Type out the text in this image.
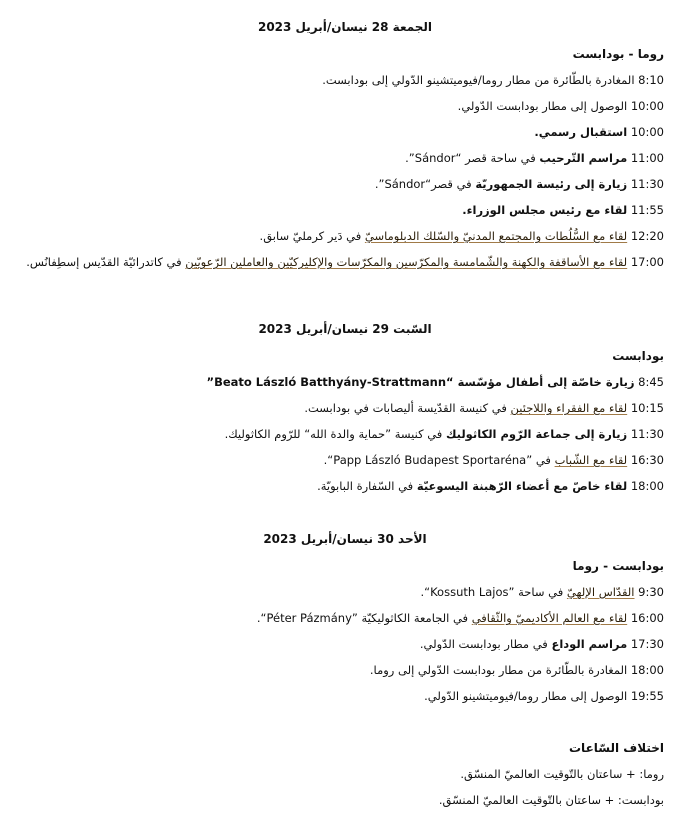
الجمعة 28 نيسان/أبريل 2023
روما - بودابست
8:10 المغادرة بالطّائرة من مطار روما/فيوميتشينو الدّولي إلى بودابست.
10:00 الوصول إلى مطار بودابست الدّولي.
10:00 استقبال رسمي.
11:00 مراسم التّرحيب في ساحة قصر “Sándor”.
11:30 زيارة إلى رئيسة الجمهوريّة في قصر“Sándor”.
11:55 لقاء مع رئيس مجلس الوزراء.
12:20 لقاء مع السُّلُطات والمجتمع المدنيّ والسّلك الدبلوماسيّ في دَير كرمليّ سابق.
17:00 لقاء مع الأساقفة والكهنة والشّمامسة والمكرّسين والمكرّسات والإكليركيّين والعاملين الرّعويّين في كاتدرائيّة القدّيس إسطِفانُس.
السّبت 29 نيسان/أبريل 2023
بودابست
8:45 زيارة خاصّة إلى أطفال مؤسّسة “Beato László Batthyány-Strattmann”
10:15 لقاء مع الفقراء واللاجئين في كنيسة القدّيسة أليصابات في بودابست.
11:30 زيارة إلى جماعة الرّوم الكاثوليك في كنيسة ”حماية والدة الله“ للرّوم الكاثوليك.
16:30 لقاء مع الشّباب في ”Papp László Budapest Sportaréna“.
18:00 لقاء خاصّ مع أعضاء الرّهبنة اليسوعيّة في السّفارة البابويّة.
الأحد 30 نيسان/أبريل 2023
بودابست - روما
9:30 القدّاس الإلهيّ في ساحة ”Kossuth Lajos“.
16:00 لقاء مع العالم الأكاديميّ والثّقافي في الجامعة الكاثوليكيّة ”Péter Pázmány“.
17:30 مراسم الوداع في مطار بودابست الدّولي.
18:00 المغادرة بالطّائرة من مطار بودابست الدّولي إلى روما.
19:55 الوصول إلى مطار روما/فيوميتشينو الدّولي.
اختلاف السّاعات
روما: + ساعتان بالتّوقيت العالميّ المنسّق.
بودابست: + ساعتان بالتّوقيت العالميّ المنسّق.
